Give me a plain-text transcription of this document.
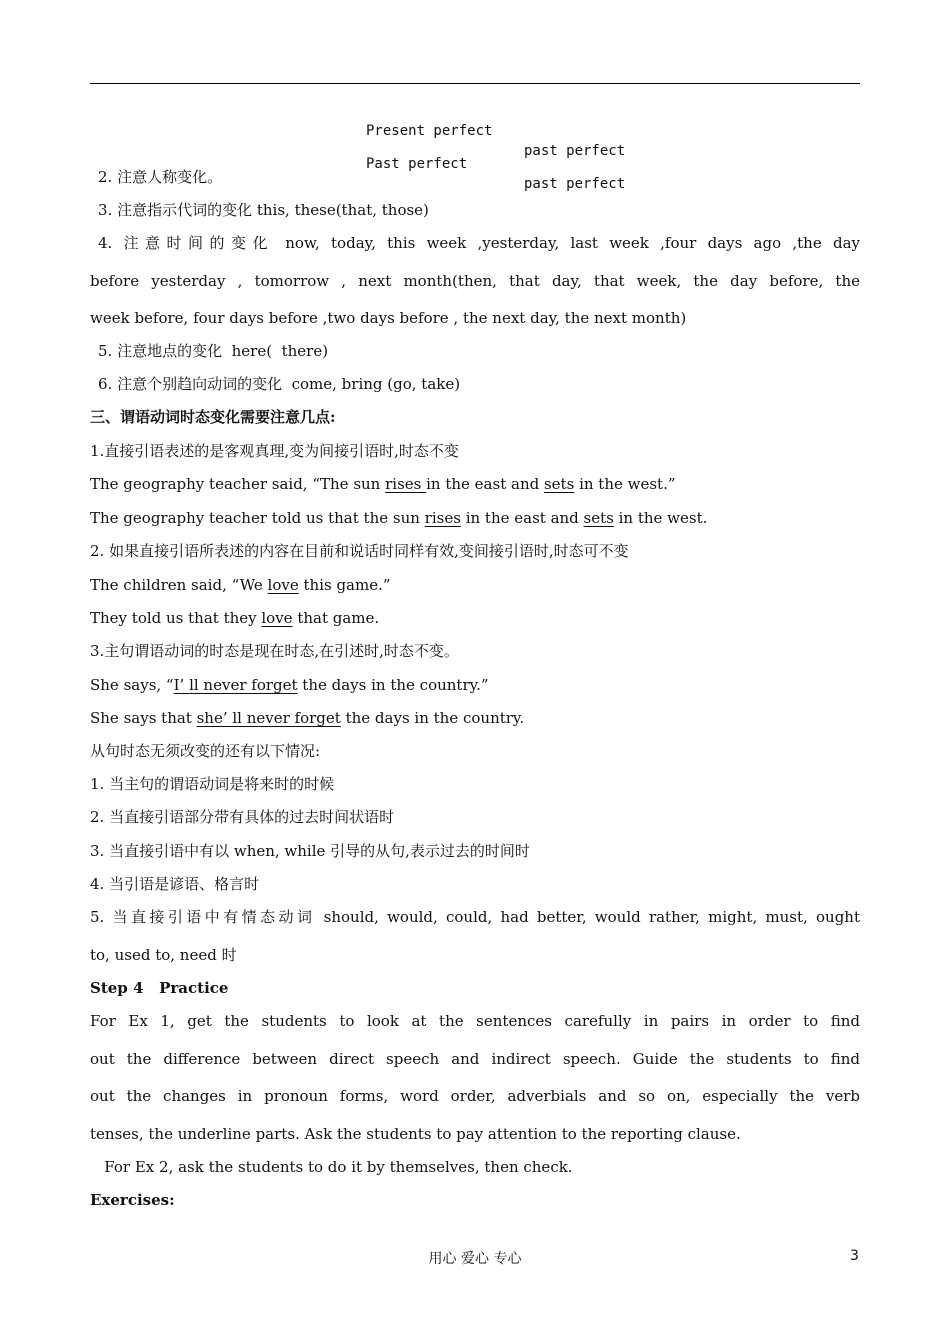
Present perfect

past perfect

Past perfect

past perfect

2. 注意人称变化。
3. 注意指示代词的变化 this, these(that, those)
4. 注意时间的变化 now, today, this week ,yesterday, last week ,four days ago ,the day
before yesterday , tomorrow , next month(then, that day, that week, the day before, the
week before, four days before ,two days before , the next day, the next month)
5. 注意地点的变化  here(  there)
6. 注意个别趋向动词的变化  come, bring (go, take)
三、谓语动词时态变化需要注意几点:
1.直接引语表述的是客观真理,变为间接引语时,时态不变
The geography teacher said, “The sun rises in the east and sets in the west.”
The geography teacher told us that the sun rises in the east and sets in the west.
2. 如果直接引语所表述的内容在目前和说话时同样有效,变间接引语时,时态可不变
The children said, “We love this game.”
They told us that they love that game.
3.主句谓语动词的时态是现在时态,在引述时,时态不变。
She says, “I’ ll never forget the days in the country.”
She says that she’ ll never forget the days in the country.
从句时态无须改变的还有以下情况:
1. 当主句的谓语动词是将来时的时候
2. 当直接引语部分带有具体的过去时间状语时
3. 当直接引语中有以 when, while 引导的从句,表示过去的时间时
4. 当引语是谚语、格言时
5. 当直接引语中有情态动词 should, would, could, had better, would rather, might, must, ought
to, used to, need 时
Step 4   Practice
For Ex 1, get the students to look at the sentences carefully in pairs in order to find
out the difference between direct speech and indirect speech. Guide the students to find
out the changes in pronoun forms, word order, adverbials and so on, especially the verb
tenses, the underline parts. Ask the students to pay attention to the reporting clause.
For Ex 2, ask the students to do it by themselves, then check.
Exercises:
用心 爱心 专心	3
